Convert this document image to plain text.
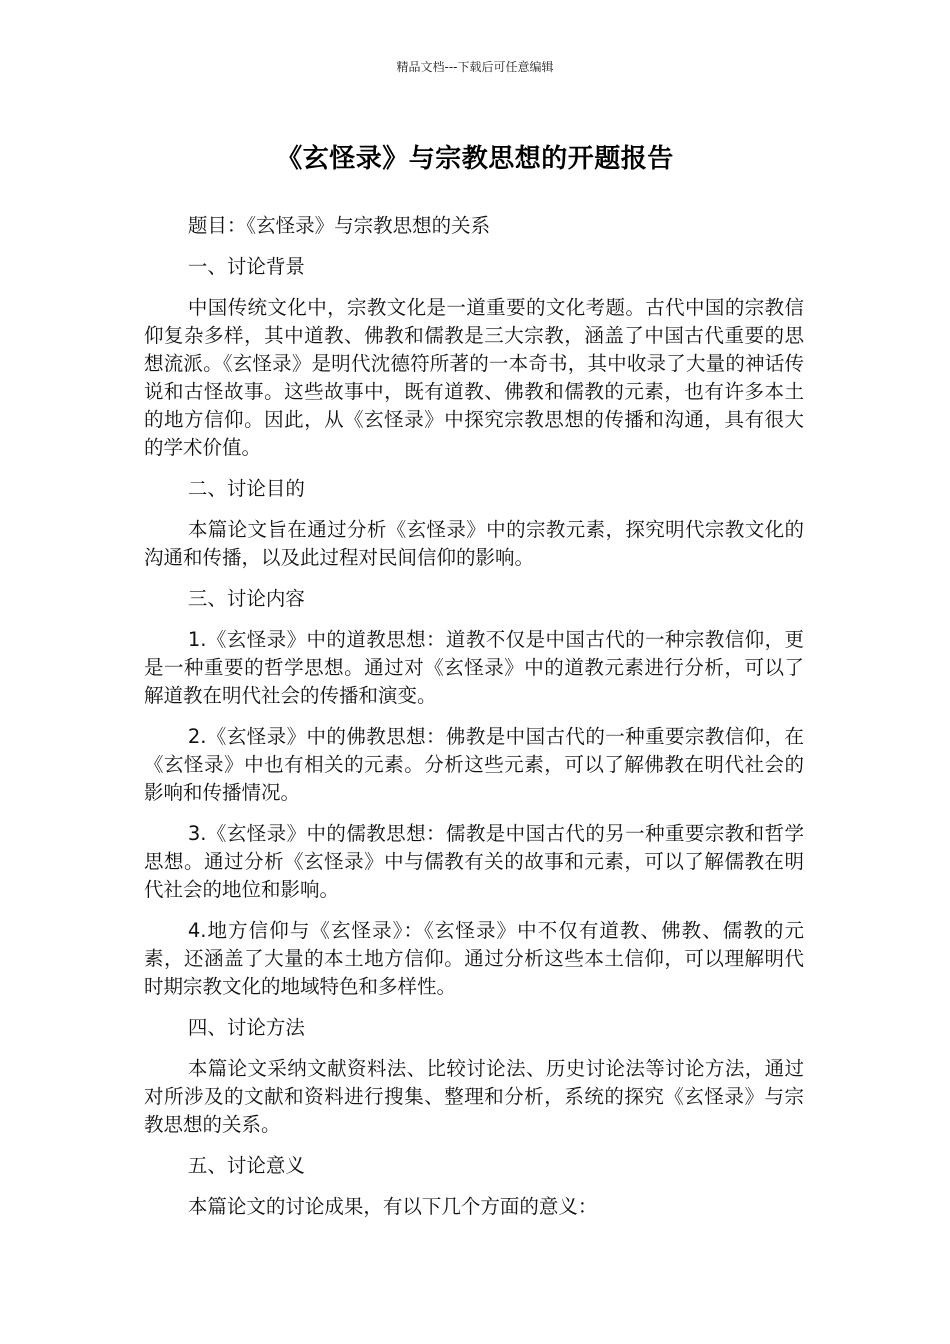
精品文档---下载后可任意编辑
《玄怪录》与宗教思想的开题报告

题目：《玄怪录》与宗教思想的关系

一、讨论背景

中国传统文化中，宗教文化是一道重要的文化考题。古代中国的宗教信仰复杂多样，其中道教、佛教和儒教是三大宗教，涵盖了中国古代重要的思想流派。《玄怪录》是明代沈德符所著的一本奇书，其中收录了大量的神话传说和古怪故事。这些故事中，既有道教、佛教和儒教的元素，也有许多本土的地方信仰。因此，从《玄怪录》中探究宗教思想的传播和沟通，具有很大的学术价值。

二、讨论目的

本篇论文旨在通过分析《玄怪录》中的宗教元素，探究明代宗教文化的沟通和传播，以及此过程对民间信仰的影响。

三、讨论内容

1.《玄怪录》中的道教思想：道教不仅是中国古代的一种宗教信仰，更是一种重要的哲学思想。通过对《玄怪录》中的道教元素进行分析，可以了解道教在明代社会的传播和演变。

2.《玄怪录》中的佛教思想：佛教是中国古代的一种重要宗教信仰，在《玄怪录》中也有相关的元素。分析这些元素，可以了解佛教在明代社会的影响和传播情况。

3.《玄怪录》中的儒教思想：儒教是中国古代的另一种重要宗教和哲学思想。通过分析《玄怪录》中与儒教有关的故事和元素，可以了解儒教在明代社会的地位和影响。

4.地方信仰与《玄怪录》：《玄怪录》中不仅有道教、佛教、儒教的元素，还涵盖了大量的本土地方信仰。通过分析这些本土信仰，可以理解明代时期宗教文化的地域特色和多样性。

四、讨论方法

本篇论文采纳文献资料法、比较讨论法、历史讨论法等讨论方法，通过对所涉及的文献和资料进行搜集、整理和分析，系统的探究《玄怪录》与宗教思想的关系。

五、讨论意义

本篇论文的讨论成果，有以下几个方面的意义：
